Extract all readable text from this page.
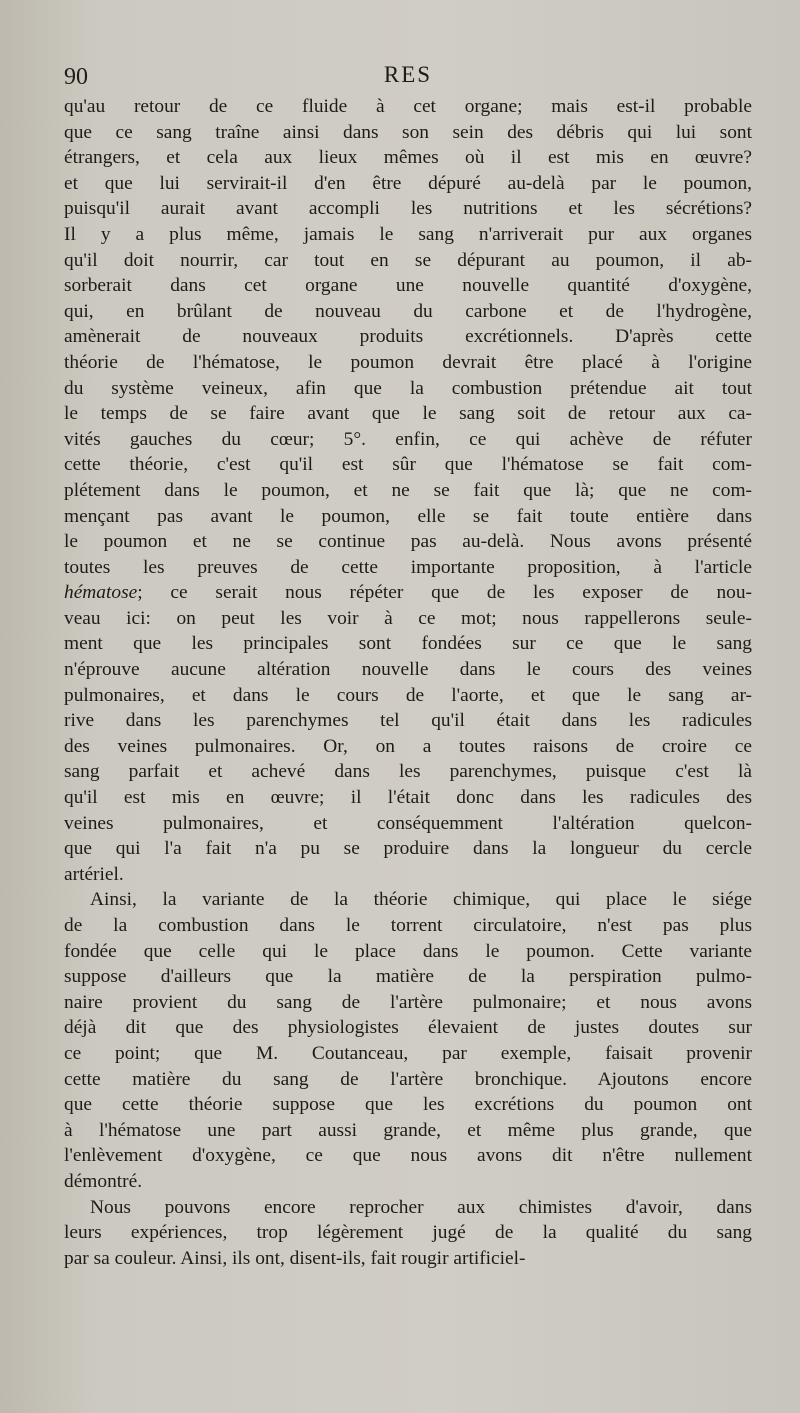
90	RES
qu'au retour de ce fluide à cet organe; mais est-il probable
que ce sang traîne ainsi dans son sein des débris qui lui sont
étrangers, et cela aux lieux mêmes où il est mis en œuvre?
et que lui servirait-il d'en être dépuré au-delà par le poumon,
puisqu'il aurait avant accompli les nutritions et les sécrétions?
Il y a plus même, jamais le sang n'arriverait pur aux organes
qu'il doit nourrir, car tout en se dépurant au poumon, il ab-
sorberait dans cet organe une nouvelle quantité d'oxygène,
qui, en brûlant de nouveau du carbone et de l'hydrogène,
amènerait de nouveaux produits excrétionnels. D'après cette
théorie de l'hématose, le poumon devrait être placé à l'origine
du système veineux, afin que la combustion prétendue ait tout
le temps de se faire avant que le sang soit de retour aux ca-
vités gauches du cœur; 5°. enfin, ce qui achève de réfuter
cette théorie, c'est qu'il est sûr que l'hématose se fait com-
plétement dans le poumon, et ne se fait que là; que ne com-
mençant pas avant le poumon, elle se fait toute entière dans
le poumon et ne se continue pas au-delà. Nous avons présenté
toutes les preuves de cette importante proposition, à l'article
hématose; ce serait nous répéter que de les exposer de nou-
veau ici: on peut les voir à ce mot; nous rappellerons seule-
ment que les principales sont fondées sur ce que le sang
n'éprouve aucune altération nouvelle dans le cours des veines
pulmonaires, et dans le cours de l'aorte, et que le sang ar-
rive dans les parenchymes tel qu'il était dans les radicules
des veines pulmonaires. Or, on a toutes raisons de croire ce
sang parfait et achevé dans les parenchymes, puisque c'est là
qu'il est mis en œuvre; il l'était donc dans les radicules des
veines pulmonaires, et conséquemment l'altération quelcon-
que qui l'a fait n'a pu se produire dans la longueur du cercle
artériel.
Ainsi, la variante de la théorie chimique, qui place le siége
de la combustion dans le torrent circulatoire, n'est pas plus
fondée que celle qui le place dans le poumon. Cette variante
suppose d'ailleurs que la matière de la perspiration pulmo-
naire provient du sang de l'artère pulmonaire; et nous avons
déjà dit que des physiologistes élevaient de justes doutes sur
ce point; que M. Coutanceau, par exemple, faisait provenir
cette matière du sang de l'artère bronchique. Ajoutons encore
que cette théorie suppose que les excrétions du poumon ont
à l'hématose une part aussi grande, et même plus grande, que
l'enlèvement d'oxygène, ce que nous avons dit n'être nullement
démontré.
Nous pouvons encore reprocher aux chimistes d'avoir, dans
leurs expériences, trop légèrement jugé de la qualité du sang
par sa couleur. Ainsi, ils ont, disent-ils, fait rougir artificiel-
